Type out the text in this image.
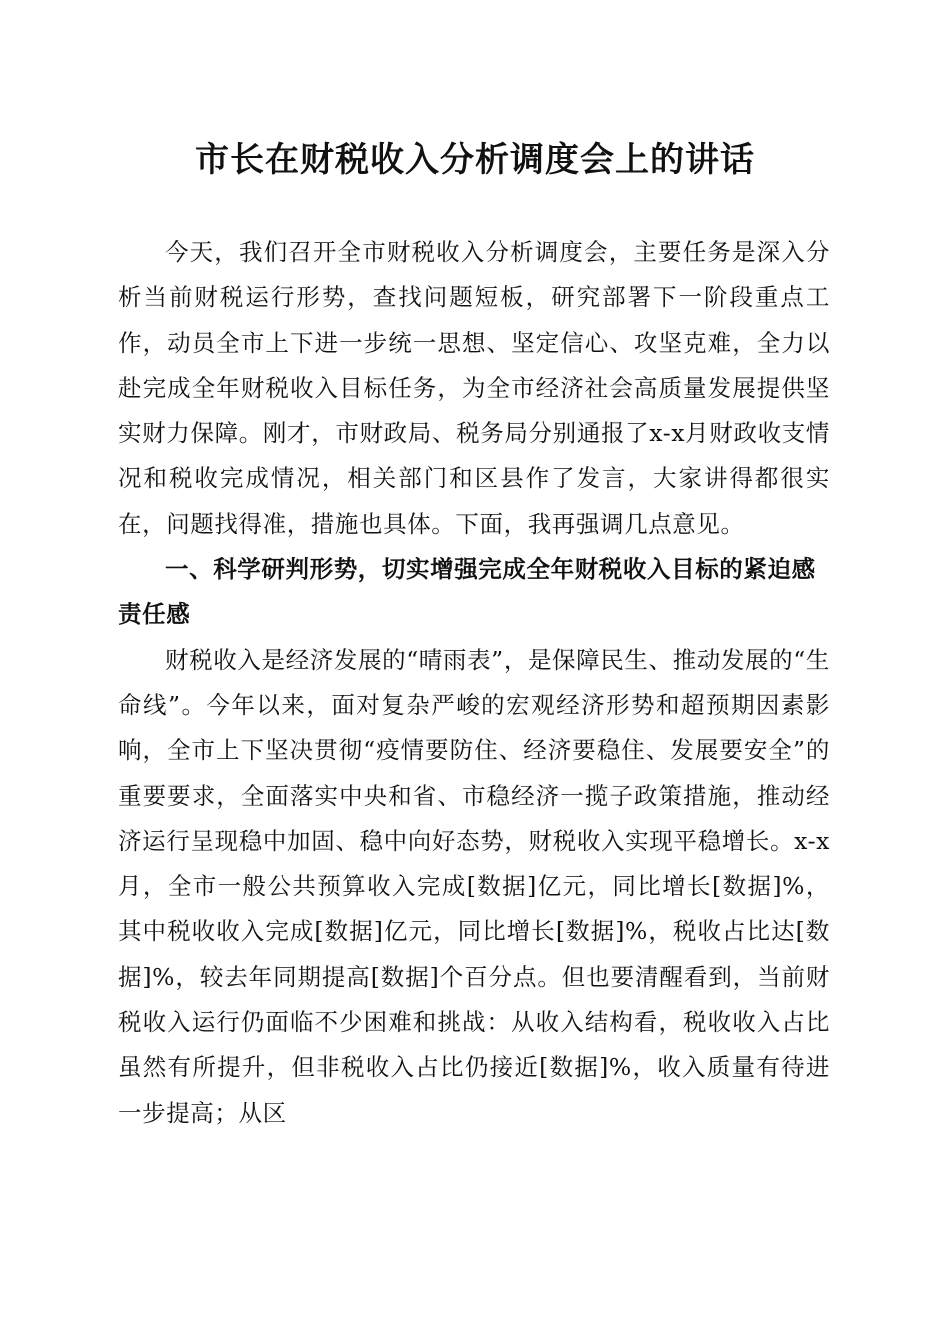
市长在财税收入分析调度会上的讲话

今天，我们召开全市财税收入分析调度会，主要任务是深入分析当前财税运行形势，查找问题短板，研究部署下一阶段重点工作，动员全市上下进一步统一思想、坚定信心、攻坚克难，全力以赴完成全年财税收入目标任务，为全市经济社会高质量发展提供坚实财力保障。刚才，市财政局、税务局分别通报了x-x月财政收支情况和税收完成情况，相关部门和区县作了发言，大家讲得都很实在，问题找得准，措施也具体。下面，我再强调几点意见。

一、科学研判形势，切实增强完成全年财税收入目标的紧迫感责任感

财税收入是经济发展的“晴雨表”，是保障民生、推动发展的“生命线”。今年以来，面对复杂严峻的宏观经济形势和超预期因素影响，全市上下坚决贯彻“疫情要防住、经济要稳住、发展要安全”的重要要求，全面落实中央和省、市稳经济一揽子政策措施，推动经济运行呈现稳中加固、稳中向好态势，财税收入实现平稳增长。x-x月，全市一般公共预算收入完成[数据]亿元，同比增长[数据]%，其中税收收入完成[数据]亿元，同比增长[数据]%，税收占比达[数据]%，较去年同期提高[数据]个百分点。但也要清醒看到，当前财税收入运行仍面临不少困难和挑战：从收入结构看，税收收入占比虽然有所提升，但非税收入占比仍接近[数据]%，收入质量有待进一步提高；从区
